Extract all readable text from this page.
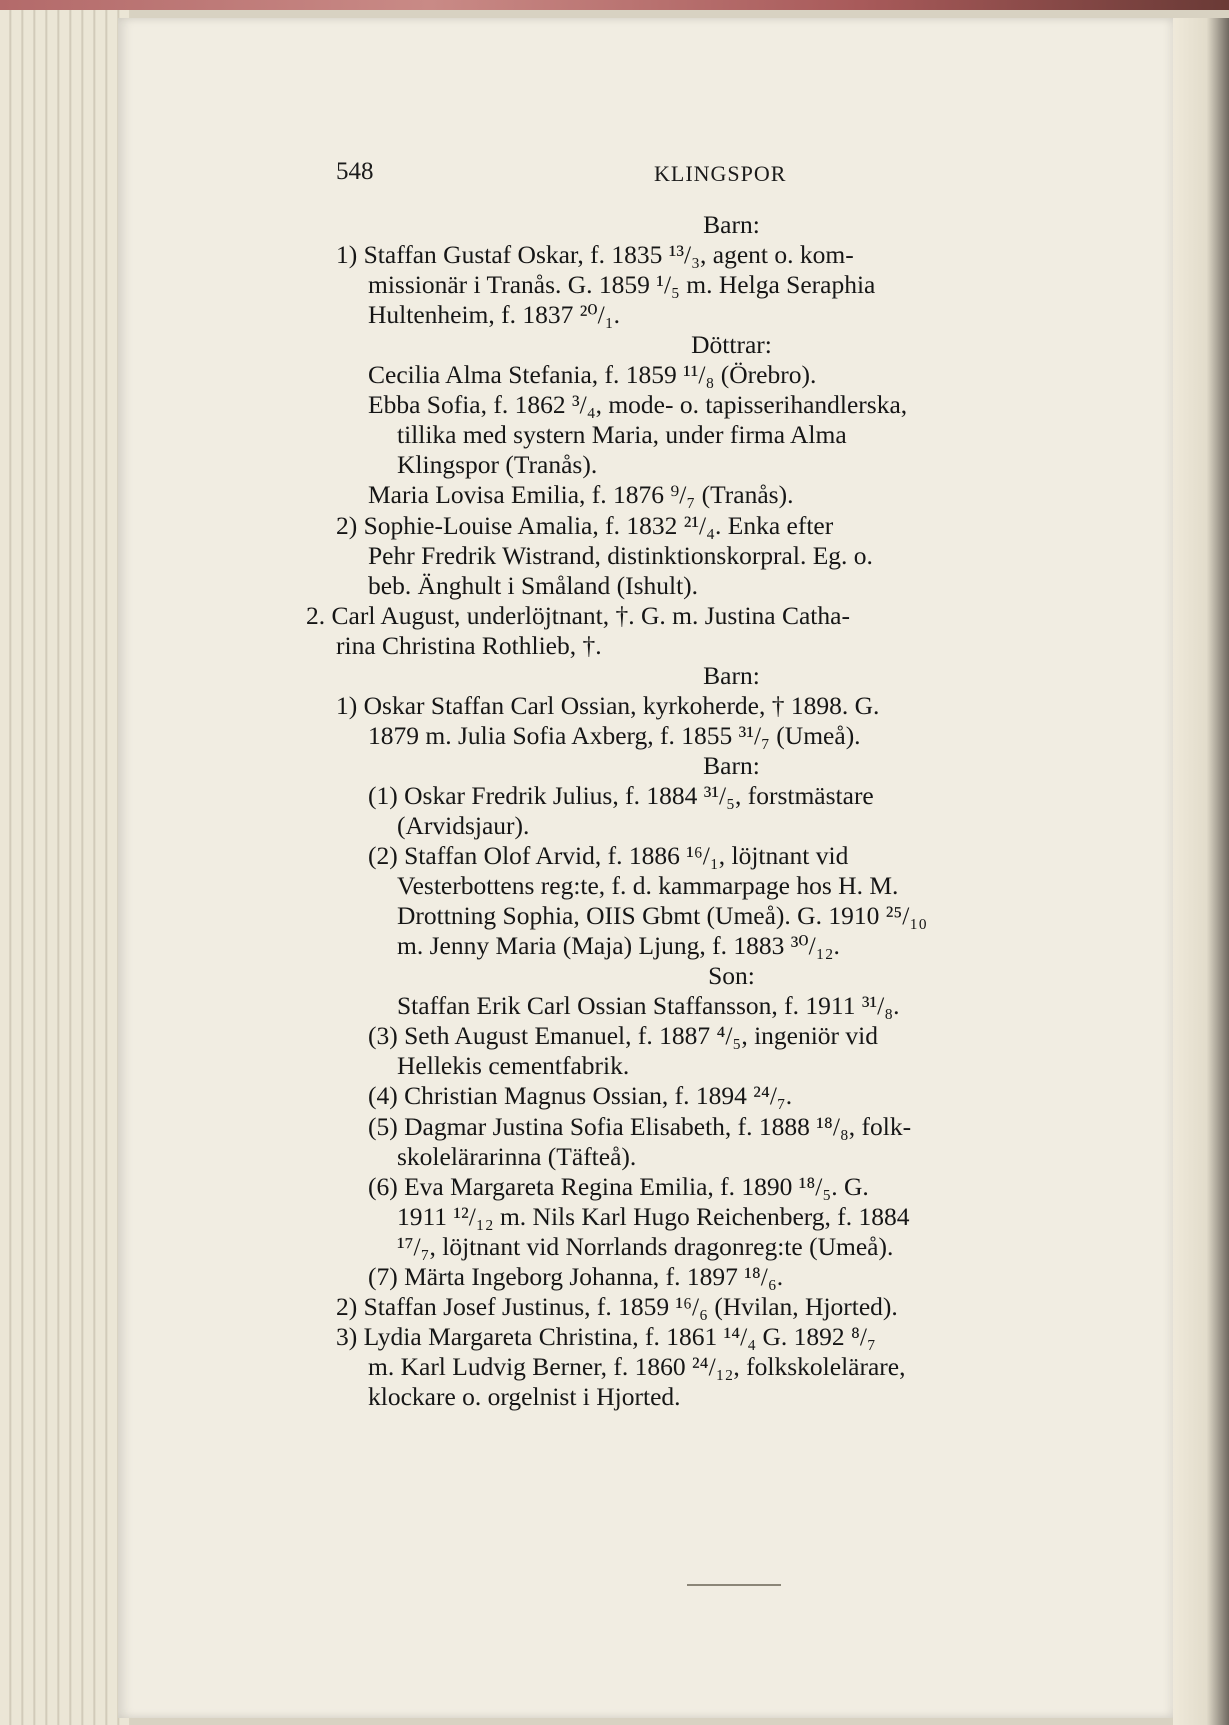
548	KLINGSPOR
Barn:
1) Staffan Gustaf Oskar, f. 1835 ¹³/₃, agent o. kom-
missionär i Tranås. G. 1859 ¹/₅ m. Helga Seraphia
Hultenheim, f. 1837 ²⁰/₁.
Döttrar:
Cecilia Alma Stefania, f. 1859 ¹¹/₈ (Örebro).
Ebba Sofia, f. 1862 ³/₄, mode- o. tapisserihandlerska,
tillika med systern Maria, under firma Alma
Klingspor (Tranås).
Maria Lovisa Emilia, f. 1876 ⁹/₇ (Tranås).
2) Sophie-Louise Amalia, f. 1832 ²¹/₄. Enka efter
Pehr Fredrik Wistrand, distinktionskorpral. Eg. o.
beb. Änghult i Småland (Ishult).
2. Carl August, underlöjtnant, †. G. m. Justina Catha-
rina Christina Rothlieb, †.
Barn:
1) Oskar Staffan Carl Ossian, kyrkoherde, † 1898. G.
1879 m. Julia Sofia Axberg, f. 1855 ³¹/₇ (Umeå).
Barn:
(1) Oskar Fredrik Julius, f. 1884 ³¹/₅, forstmästare
(Arvidsjaur).
(2) Staffan Olof Arvid, f. 1886 ¹⁶/₁, löjtnant vid
Vesterbottens reg:te, f. d. kammarpage hos H. M.
Drottning Sophia, OIIS Gbmt (Umeå). G. 1910 ²⁵/₁₀
m. Jenny Maria (Maja) Ljung, f. 1883 ³⁰/₁₂.
Son:
Staffan Erik Carl Ossian Staffansson, f. 1911 ³¹/₈.
(3) Seth August Emanuel, f. 1887 ⁴/₅, ingeniör vid
Hellekis cementfabrik.
(4) Christian Magnus Ossian, f. 1894 ²⁴/₇.
(5) Dagmar Justina Sofia Elisabeth, f. 1888 ¹⁸/₈, folk-
skolelärarinna (Täfteå).
(6) Eva Margareta Regina Emilia, f. 1890 ¹⁸/₅. G.
1911 ¹²/₁₂ m. Nils Karl Hugo Reichenberg, f. 1884
¹⁷/₇, löjtnant vid Norrlands dragonreg:te (Umeå).
(7) Märta Ingeborg Johanna, f. 1897 ¹⁸/₆.
2) Staffan Josef Justinus, f. 1859 ¹⁶/₆ (Hvilan, Hjorted).
3) Lydia Margareta Christina, f. 1861 ¹⁴/₄ G. 1892 ⁸/₇
m. Karl Ludvig Berner, f. 1860 ²⁴/₁₂, folkskolelärare,
klockare o. orgelnist i Hjorted.
